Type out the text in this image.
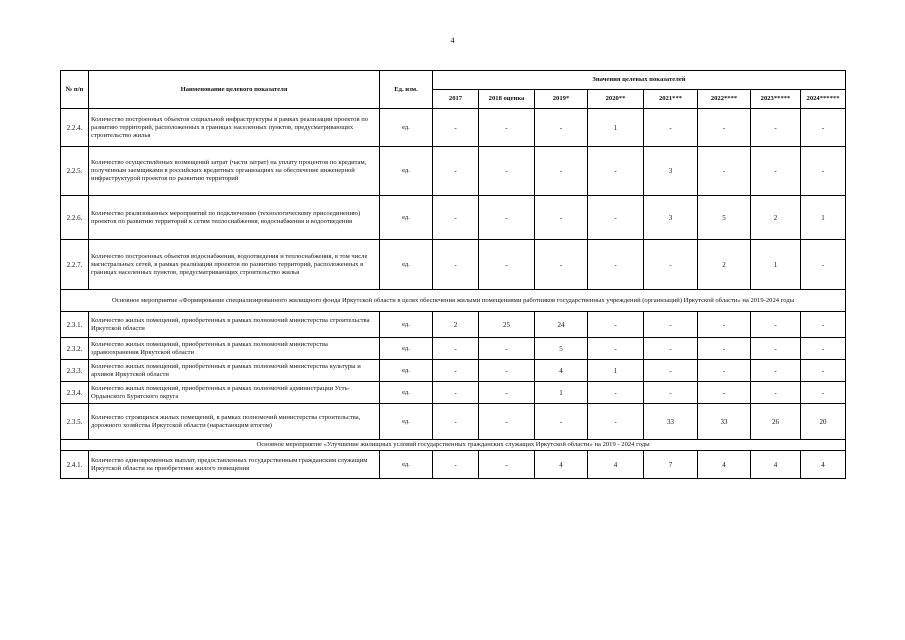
4
№ п/п	Наименование целевого показателя	Ед. изм.	Значения целевых показателей							
			2017	2018 оценка	2019*	2020**	2021***	2022****	2023*****	2024******
2.2.4.	Количество построенных объектов социальной инфраструктуры в рамках реализации проектов по развитию территорий, расположенных в границах населенных пунктов, предусматривающих строительство жилья	ед.	-	-	-	1	-	-	-	-
2.2.5.	Количество осуществлённых возмещений затрат (части затрат) на уплату процентов по кредитам, полученным заемщиками в российских кредитных организациях на обеспечение инженерной инфраструктурой проектов по развитию территорий	ед.	-	-	-	-	3	-	-	-
2.2.6.	Количество реализованных мероприятий по подключению (технологическому присоединению) проектов по развитию территорий к сетям теплоснабжения, водоснабжения и водоотведения	ед.	-	-	-	-	3	5	2	1
2.2.7.	Количество построенных объектов водоснабжения, водоотведения и теплоснабжения, в том числе магистральных сетей, в рамках реализации проектов по развитию территорий, расположенных в границах населенных пунктов, предусматривающих строительство жилья	ед.	-	-	-	-	-	2	1	-
Основное мероприятие «Формирование специализированного жилищного фонда Иркутской области в целях обеспечения жилыми помещениями работников государственных учреждений (организаций) Иркутской области» на 2019-2024 годы										
2.3.1.	Количество жилых помещений, приобретенных в рамках полномочий министерства строительства Иркутской области	ед.	2	25	24	-	-	-	-	-
2.3.2.	Количество жилых помещений, приобретенных в рамках полномочий министерства здравоохранения Иркутской области	ед.	-	-	5	-	-	-	-	-
2.3.3.	Количество жилых помещений, приобретенных в рамках полномочий министерства культуры и архивов Иркутской области	ед.	-	-	4	1	-	-	-	-
2.3.4.	Количество жилых помещений, приобретенных в рамках полномочий администрации Усть-Ордынского Бурятского округа	ед.	-	-	1	-	-	-	-	-
2.3.5.	Количество строящихся жилых помещений, в рамках полномочий министерства строительства, дорожного хозяйства Иркутской области (нарастающим итогом)	ед.	-	-	-	-	33	33	26	20
Основное мероприятие «Улучшение жилищных условий государственных гражданских служащих Иркутской области» на 2019 - 2024 годы										
2.4.1.	Количество единовременных выплат, предоставленных государственным гражданским служащим Иркутской области на приобретение жилого помещения	ед.	-	-	4	4	7	4	4	4
